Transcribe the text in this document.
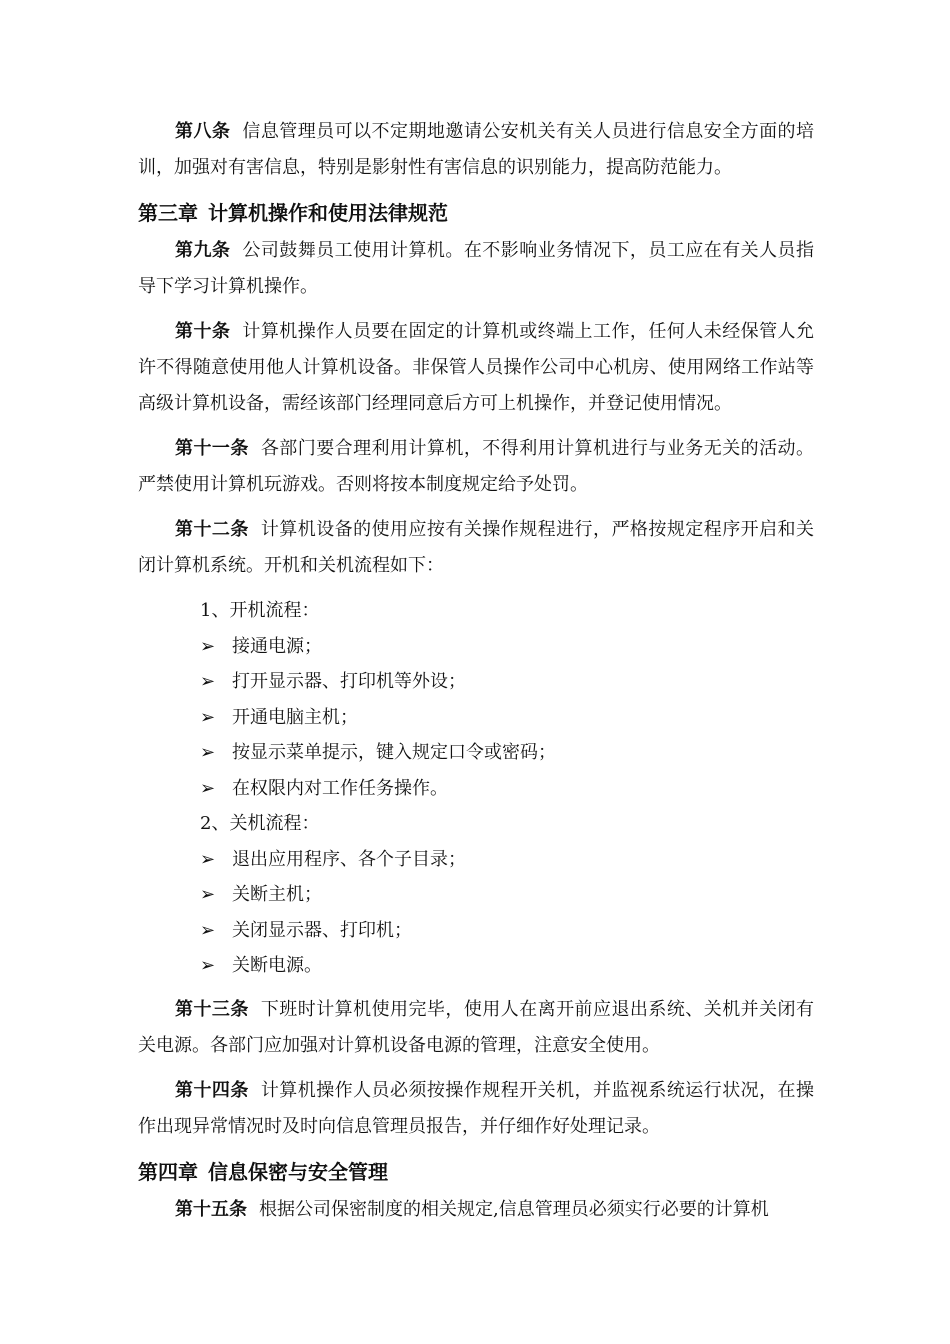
第八条 信息管理员可以不定期地邀请公安机关有关人员进行信息安全方面的培训，加强对有害信息，特别是影射性有害信息的识别能力，提高防范能力。

第三章 计算机操作和使用法律规范

第九条 公司鼓舞员工使用计算机。在不影响业务情况下，员工应在有关人员指导下学习计算机操作。

第十条 计算机操作人员要在固定的计算机或终端上工作，任何人未经保管人允许不得随意使用他人计算机设备。非保管人员操作公司中心机房、使用网络工作站等高级计算机设备，需经该部门经理同意后方可上机操作，并登记使用情况。

第十一条 各部门要合理利用计算机，不得利用计算机进行与业务无关的活动。严禁使用计算机玩游戏。否则将按本制度规定给予处罚。

第十二条 计算机设备的使用应按有关操作规程进行，严格按规定程序开启和关闭计算机系统。开机和关机流程如下：

1、开机流程：
➢ 接通电源；
➢ 打开显示器、打印机等外设；
➢ 开通电脑主机；
➢ 按显示菜单提示，键入规定口令或密码；
➢ 在权限内对工作任务操作。
2、关机流程：
➢ 退出应用程序、各个子目录；
➢ 关断主机；
➢ 关闭显示器、打印机；
➢ 关断电源。

第十三条 下班时计算机使用完毕，使用人在离开前应退出系统、关机并关闭有关电源。各部门应加强对计算机设备电源的管理，注意安全使用。

第十四条 计算机操作人员必须按操作规程开关机，并监视系统运行状况，在操作出现异常情况时及时向信息管理员报告，并仔细作好处理记录。

第四章 信息保密与安全管理

第十五条 根据公司保密制度的相关规定,信息管理员必须实行必要的计算机
